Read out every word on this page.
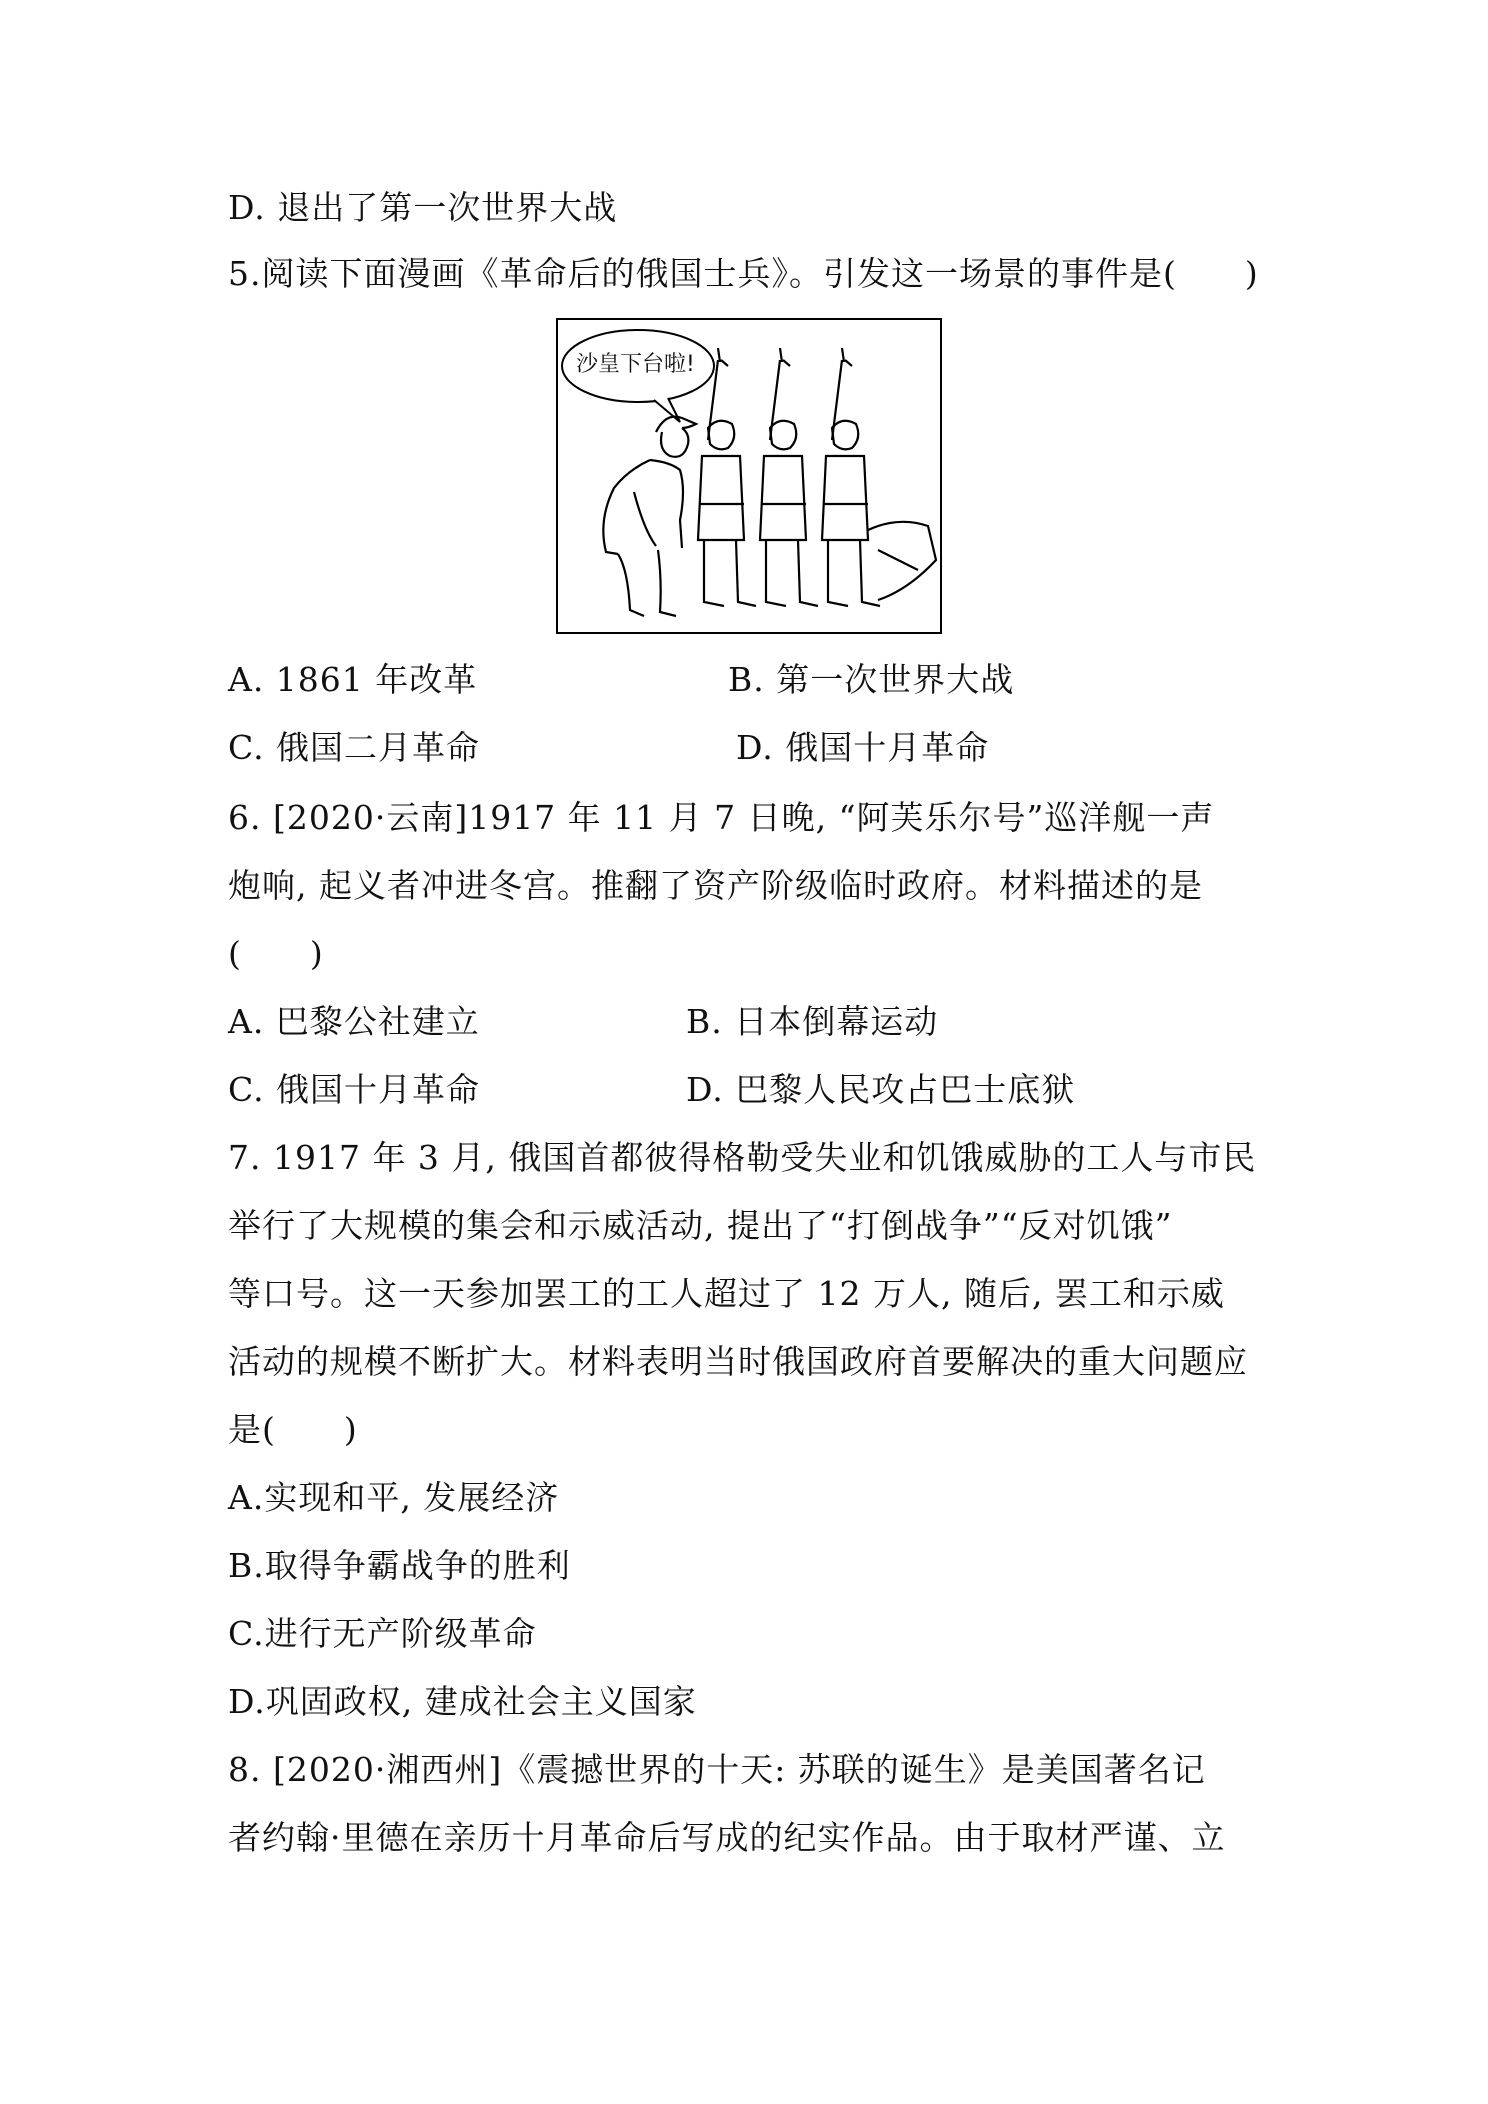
D. 退出了第一次世界大战
5.阅读下面漫画《革命后的俄国士兵》。引发这一场景的事件是(　　)
沙皇下台啦!
A. 1861 年改革	B. 第一次世界大战
C. 俄国二月革命	D. 俄国十月革命
6. [2020·云南]1917 年 11 月 7 日晚, “阿芙乐尔号”巡洋舰一声
炮响, 起义者冲进冬宫。推翻了资产阶级临时政府。材料描述的是
(　　)
A. 巴黎公社建立	B. 日本倒幕运动
C. 俄国十月革命	D. 巴黎人民攻占巴士底狱
7. 1917 年 3 月, 俄国首都彼得格勒受失业和饥饿威胁的工人与市民
举行了大规模的集会和示威活动, 提出了“打倒战争”“反对饥饿”
等口号。这一天参加罢工的工人超过了 12 万人, 随后, 罢工和示威
活动的规模不断扩大。材料表明当时俄国政府首要解决的重大问题应
是(　　)
A.实现和平, 发展经济
B.取得争霸战争的胜利
C.进行无产阶级革命
D.巩固政权, 建成社会主义国家
8. [2020·湘西州]《震撼世界的十天: 苏联的诞生》是美国著名记
者约翰·里德在亲历十月革命后写成的纪实作品。由于取材严谨、立
